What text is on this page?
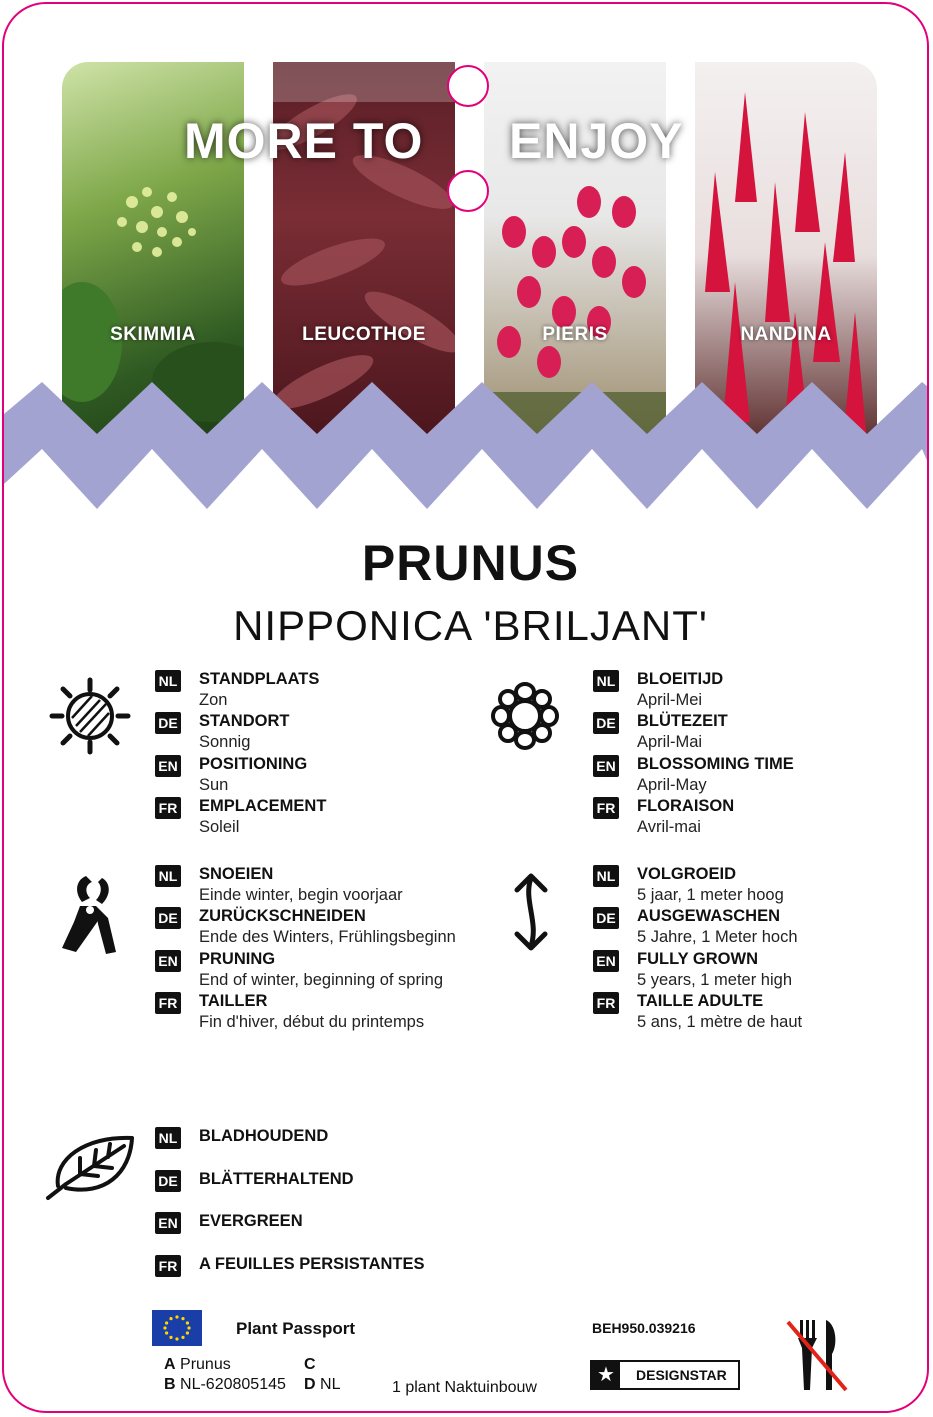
SKIMMIA	LEUCOTHOE	PIERIS	NANDINA
MORE TO ENJOY
PRUNUS
NIPPONICA 'BRILJANT'
NL STANDPLAATS
Zon
DE STANDORT
Sonnig
EN POSITIONING
Sun
FR EMPLACEMENT
Soleil
NL BLOEITIJD
April-Mei
DE BLÜTEZEIT
April-Mai
EN BLOSSOMING TIME
April-May
FR FLORAISON
Avril-mai
NL SNOEIEN
Einde winter, begin voorjaar
DE ZURÜCKSCHNEIDEN
Ende des Winters, Frühlingsbeginn
EN PRUNING
End of winter, beginning of spring
FR TAILLER
Fin d'hiver, début du printemps
NL VOLGROEID
5 jaar, 1 meter hoog
DE AUSGEWASCHEN
5 Jahre, 1 Meter hoch
EN FULLY GROWN
5 years, 1 meter high
FR TAILLE ADULTE
5 ans, 1 mètre de haut
NL BLADHOUDEND
DE BLÄTTERHALTEND
EN EVERGREEN
FR A FEUILLES PERSISTANTES
Plant Passport
A Prunus
B NL-620805145
C
D NL	1 plant Naktuinbouw
BEH950.039216
★	DESIGNSTAR
